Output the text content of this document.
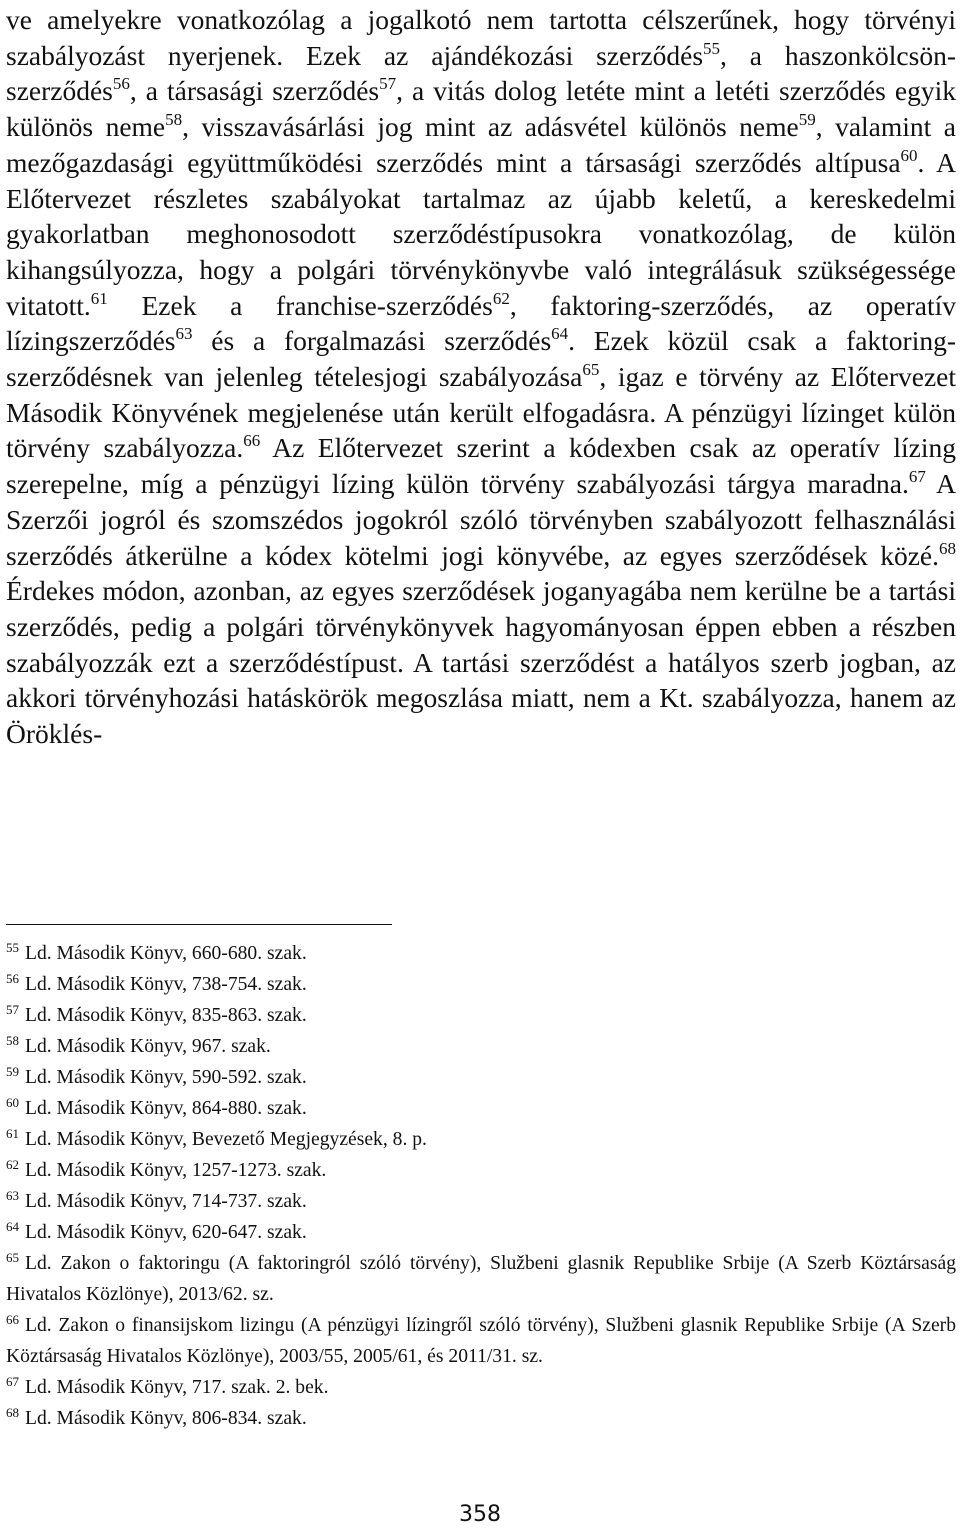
ve amelyekre vonatkozólag a jogalkotó nem tartotta célszerűnek, hogy törvényi szabályozást nyerjenek. Ezek az ajándékozási szerződés$^{55}$, a haszonkölcsön-szerződés$^{56}$, a társasági szerződés$^{57}$, a vitás dolog letéte mint a letéti szerződés egyik különös neme$^{58}$, visszavásárlási jog mint az adásvétel különös neme$^{59}$, valamint a mezőgazdasági együttműködési szerződés mint a társasági szerződés altípusa$^{60}$. A Előtervezet részletes szabályokat tartalmaz az újabb keletű, a kereskedelmi gyakorlatban meghonosodott szerződéstípusokra vonatkozólag, de külön kihangsúlyozza, hogy a polgári törvénykönyvbe való integrálásuk szükségessége vitatott.$^{61}$ Ezek a franchise-szerződés$^{62}$, faktoring-szerződés, az operatív lízingszerződés$^{63}$ és a forgalmazási szerződés$^{64}$. Ezek közül csak a faktoring-szerződésnek van jelenleg tételesjogi szabályozása$^{65}$, igaz e törvény az Előtervezet Második Könyvének megjelenése után került elfogadásra. A pénzügyi lízinget külön törvény szabályozza.$^{66}$ Az Előtervezet szerint a kódexben csak az operatív lízing szerepelne, míg a pénzügyi lízing külön törvény szabályozási tárgya maradna.$^{67}$ A Szerzői jogról és szomszédos jogokról szóló törvényben szabályozott felhasználási szerződés átkerülne a kódex kötelmi jogi könyvébe, az egyes szerződések közé.$^{68}$ Érdekes módon, azonban, az egyes szerződések joganyagába nem kerülne be a tartási szerződés, pedig a polgári törvénykönyvek hagyományosan éppen ebben a részben szabályozzák ezt a szerződéstípust. A tartási szerződést a hatályos szerb jogban, az akkori törvényhozási hatáskörök megoszlása miatt, nem a Kt. szabályozza, hanem az Öröklés-

$^{55}$ Ld. Második Könyv, 660-680. szak.
$^{56}$ Ld. Második Könyv, 738-754. szak.
$^{57}$ Ld. Második Könyv, 835-863. szak.
$^{58}$ Ld. Második Könyv, 967. szak.
$^{59}$ Ld. Második Könyv, 590-592. szak.
$^{60}$ Ld. Második Könyv, 864-880. szak.
$^{61}$ Ld. Második Könyv, Bevezető Megjegyzések, 8. p.
$^{62}$ Ld. Második Könyv, 1257-1273. szak.
$^{63}$ Ld. Második Könyv, 714-737. szak.
$^{64}$ Ld. Második Könyv, 620-647. szak.
$^{65}$ Ld. Zakon o faktoringu (A faktoringról szóló törvény), Službeni glasnik Republike Srbije (A Szerb Köztársaság Hivatalos Közlönye), 2013/62. sz.
$^{66}$ Ld. Zakon o finansijskom lizingu (A pénzügyi lízingről szóló törvény), Službeni glasnik Republike Srbije (A Szerb Köztársaság Hivatalos Közlönye), 2003/55, 2005/61, és 2011/31. sz.
$^{67}$ Ld. Második Könyv, 717. szak. 2. bek.
$^{68}$ Ld. Második Könyv, 806-834. szak.
358
